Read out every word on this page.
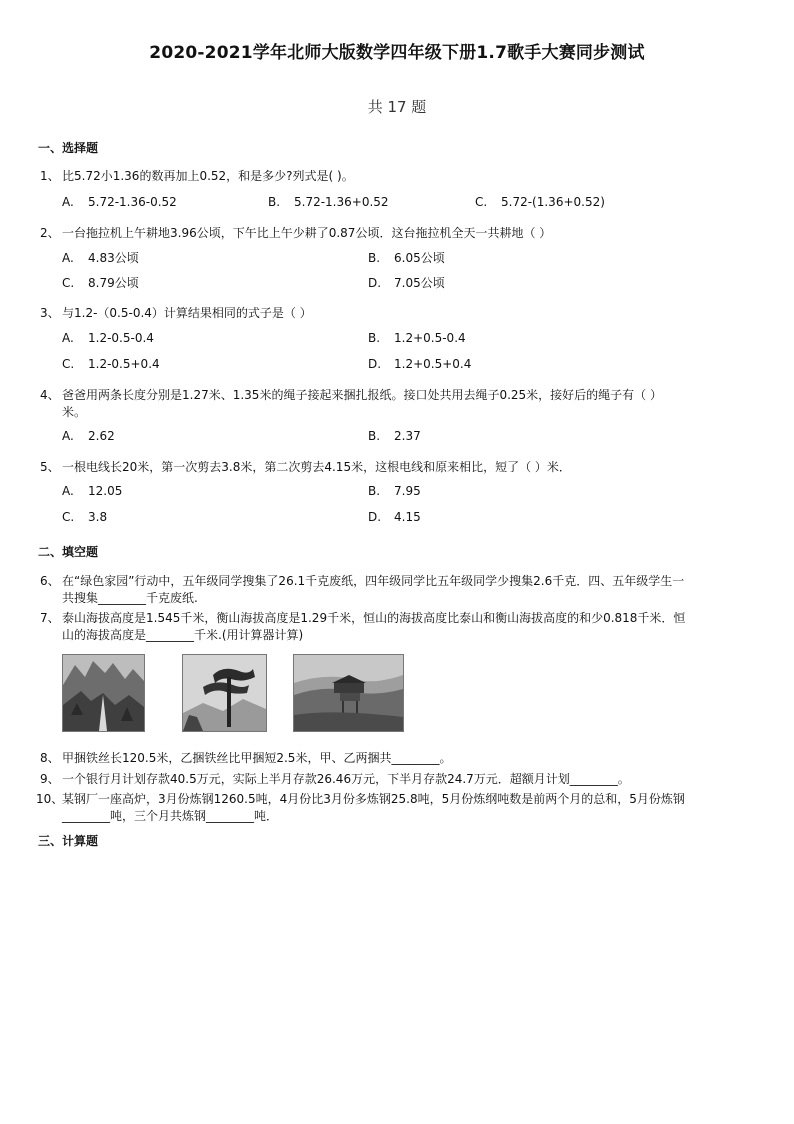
2020-2021学年北师大版数学四年级下册1.7歌手大赛同步测试
共 17 题
一、选择题
1、 比5.72小1.36的数再加上0.52，和是多少?列式是( )。
A. 5.72-1.36-0.52	B. 5.72-1.36+0.52	C. 5.72-(1.36+0.52)
2、 一台拖拉机上午耕地3.96公顷，下午比上午少耕了0.87公顷．这台拖拉机全天一共耕地（ ）
A. 4.83公顷	B. 6.05公顷
C. 8.79公顷	D. 7.05公顷
3、 与1.2-（0.5-0.4）计算结果相同的式子是（ ）
A. 1.2-0.5-0.4	B. 1.2+0.5-0.4
C. 1.2-0.5+0.4	D. 1.2+0.5+0.4
4、 爸爸用两条长度分别是1.27米、1.35米的绳子接起来捆扎报纸。接口处共用去绳子0.25米，接好后的绳子有（ ）
米。
A. 2.62	B. 2.37
5、 一根电线长20米，第一次剪去3.8米，第二次剪去4.15米，这根电线和原来相比，短了（ ）米．
A. 12.05	B. 7.95
C. 3.8	D. 4.15
二、填空题
6、 在“绿色家园”行动中，五年级同学搜集了26.1千克废纸，四年级同学比五年级同学少搜集2.6千克．四、五年级学生一
共搜集________千克废纸.
7、 泰山海拔高度是1.545千米，衡山海拔高度是1.29千米，恒山的海拔高度比泰山和衡山海拔高度的和少0.818千米．恒
山的海拔高度是________千米.(用计算器计算)
8、 甲捆铁丝长120.5米，乙捆铁丝比甲捆短2.5米，甲、乙两捆共________。
9、 一个银行月计划存款40.5万元，实际上半月存款26.46万元，下半月存款24.7万元．超额月计划________。
10、某钢厂一座高炉，3月份炼钢1260.5吨，4月份比3月份多炼钢25.8吨，5月份炼纲吨数是前两个月的总和，5月份炼钢
________吨，三个月共炼钢________吨．
三、计算题
